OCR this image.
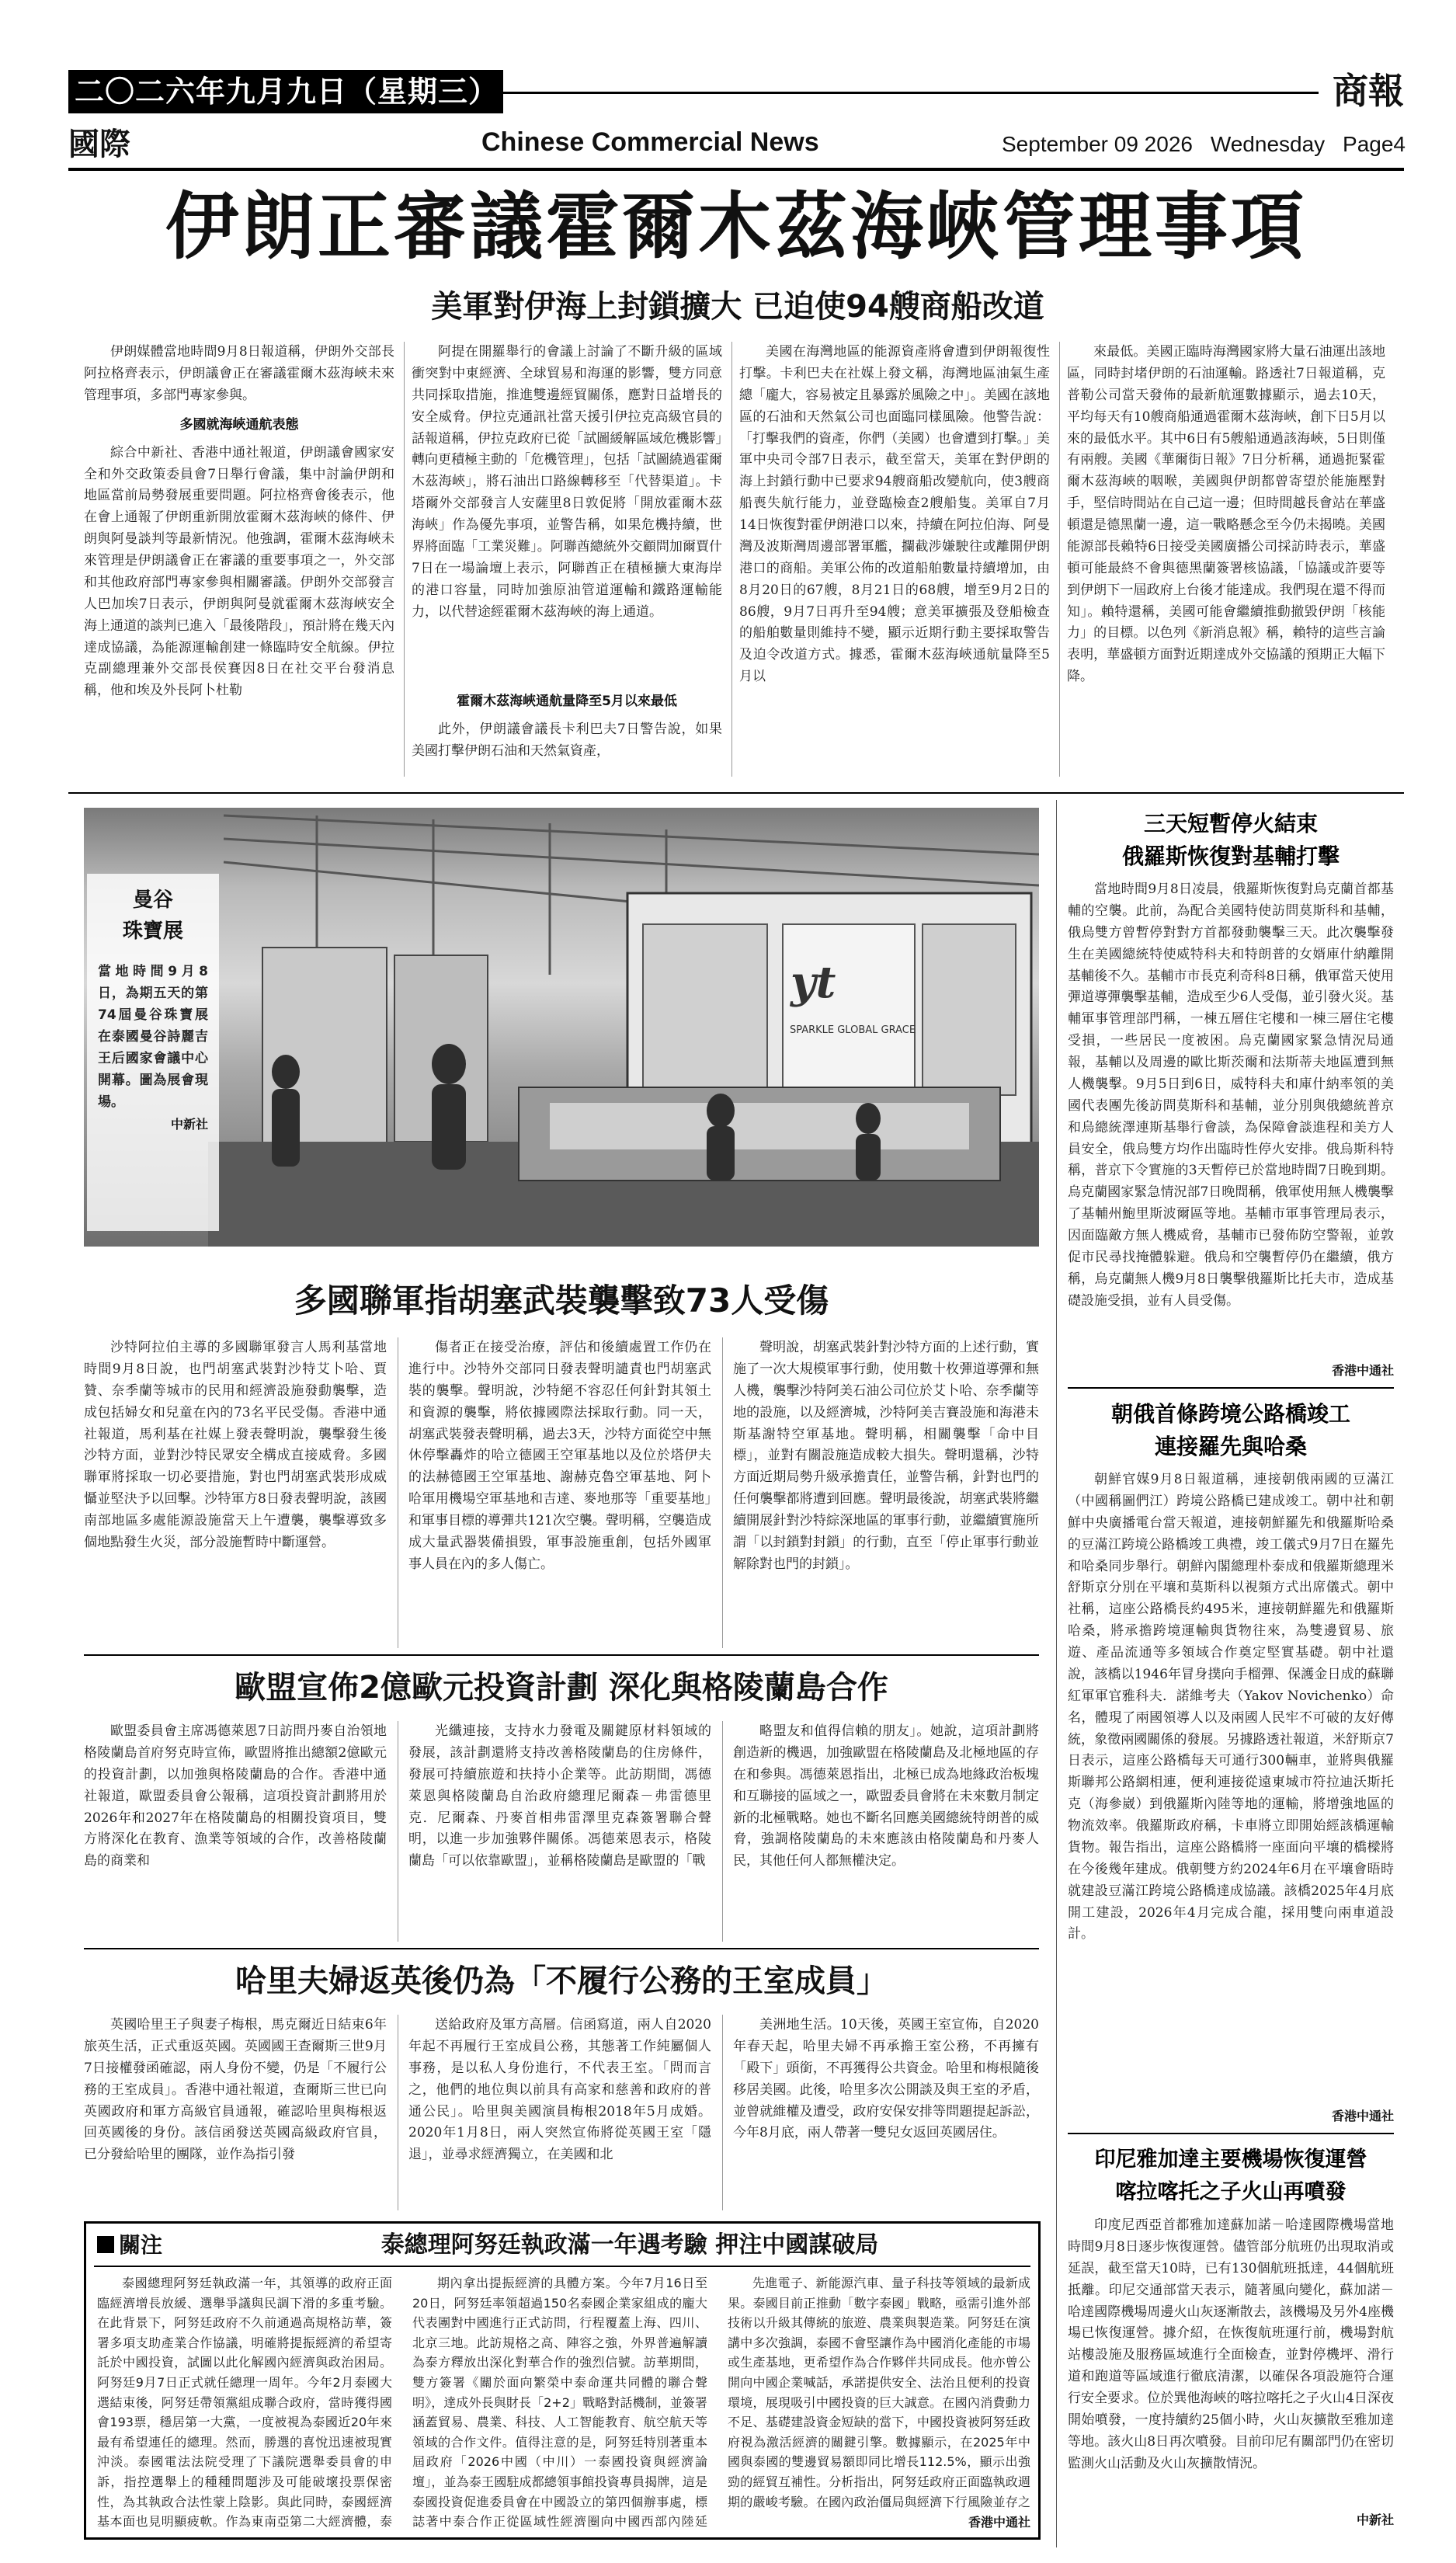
二〇二六年九月九日（星期三）	商報
國際	Chinese Commercial News	September 09 2026 Wednesday Page4
伊朗正審議霍爾木茲海峽管理事項
美軍對伊海上封鎖擴大 已迫使94艘商船改道

伊朗媒體當地時間9月8日報道稱，伊朗外交部長阿拉格齊表示，伊朗議會正在審議霍爾木茲海峽未來管理事項，多部門專家參與。

多國就海峽通航表態

綜合中新社、香港中通社報道，伊朗議會國家安全和外交政策委員會7日舉行會議，集中討論伊朗和地區當前局勢發展重要問題。阿拉格齊會後表示，他在會上通報了伊朗重新開放霍爾木茲海峽的條件、伊朗與阿曼談判等最新情況。他強調，霍爾木茲海峽未來管理是伊朗議會正在審議的重要事項之一，外交部和其他政府部門專家參與相關審議。伊朗外交部發言人巴加埃7日表示，伊朗與阿曼就霍爾木茲海峽安全海上通道的談判已進入「最後階段」，預計將在幾天內達成協議，為能源運輸創建一條臨時安全航線。伊拉克副總理兼外交部長侯賽因8日在社交平台發消息稱，他和埃及外長阿卜杜勒

阿提在開羅舉行的會議上討論了不斷升級的區域衝突對中東經濟、全球貿易和海運的影響，雙方同意共同採取措施，推進雙邊經貿關係，應對日益增長的安全威脅。伊拉克通訊社當天援引伊拉克高級官員的話報道稱，伊拉克政府已從「試圖緩解區域危機影響」轉向更積極主動的「危機管理」，包括「試圖繞過霍爾木茲海峽」，將石油出口路線轉移至「代替渠道」。卡塔爾外交部發言人安薩里8日敦促將「開放霍爾木茲海峽」作為優先事項，並警告稱，如果危機持續，世界將面臨「工業災難」。阿聯酋總統外交顧問加爾賈什7日在一場論壇上表示，阿聯酋正在積極擴大東海岸的港口容量，同時加強原油管道運輸和鐵路運輸能力，以代替途經霍爾木茲海峽的海上通道。

霍爾木茲海峽通航量降至5月以來最低

此外，伊朗議會議長卡利巴夫7日警告說，如果美國打擊伊朗石油和天然氣資產，

美國在海灣地區的能源資產將會遭到伊朗報復性打擊。卡利巴夫在社媒上發文稱，海灣地區油氣生產總「龐大，容易被定且暴露於風險之中」。美國在該地區的石油和天然氣公司也面臨同樣風險。他警告說：「打擊我們的資產，你們（美國）也會遭到打擊。」美軍中央司令部7日表示，截至當天，美軍在對伊朗的海上封鎖行動中已要求94艘商船改變航向，使3艘商船喪失航行能力，並登臨檢查2艘船隻。美軍自7月14日恢復對霍伊朗港口以來，持續在阿拉伯海、阿曼灣及波斯灣周邊部署軍艦，攔截涉嫌駛往或離開伊朗港口的商船。美軍公佈的改道船舶數量持續增加，由8月20日的67艘，8月21日的68艘，增至9月2日的86艘，9月7日再升至94艘；意美軍擴張及登船檢查的船舶數量則維持不變，顯示近期行動主要採取警告及迫令改道方式。據悉，霍爾木茲海峽通航量降至5月以
來最低。美國正臨時海灣國家將大量石油運出該地區，同時封堵伊朗的石油運輸。路透社7日報道稱，克普勒公司當天發佈的最新航運數據顯示，過去10天，平均每天有10艘商船通過霍爾木茲海峽，創下日5月以來的最低水平。其中6日有5艘船通過該海峽，5日則僅有兩艘。美國《華爾街日報》7日分析稱，通過扼緊霍爾木茲海峽的咽喉，美國與伊朗都曾寄望於能施壓對手，堅信時間站在自己這一邊；但時間越長會站在華盛頓還是德黑蘭一邊，這一戰略懸念至今仍未揭曉。美國能源部長賴特6日接受美國廣播公司採訪時表示，華盛頓可能最終不會與德黑蘭簽署核協議，「協議或許要等到伊朗下一屆政府上台後才能達成。我們現在還不得而知」。賴特還稱，美國可能會繼續推動撤毀伊朗「核能力」的目標。以色列《新消息報》稱，賴特的這些言論表明，華盛頓方面對近期達成外交協議的預期正大幅下降。
yt
SPARKLE GLOBAL GRACE
曼谷
珠寶展
當地時間9月8日，為期五天的第74屆曼谷珠寶展在泰國曼谷詩麗吉王后國家會議中心開幕。圖為展會現場。
中新社
多國聯軍指胡塞武裝襲擊致73人受傷
沙特阿拉伯主導的多國聯軍發言人馬利基當地時間9月8日說，也門胡塞武裝對沙特艾卜哈、賈贊、奈季蘭等城市的民用和經濟設施發動襲擊，造成包括婦女和兒童在內的73名平民受傷。香港中通社報道，馬利基在社媒上發表聲明說，襲擊發生後沙特方面，並對沙特民眾安全構成直接威脅。多國聯軍將採取一切必要措施，對也門胡塞武裝形成威懾並堅決予以回擊。沙特軍方8日發表聲明說，該國南部地區多處能源設施當天上午遭襲，襲擊導致多個地點發生火災，部分設施暫時中斷運營。
傷者正在接受治療，評估和後續處置工作仍在進行中。沙特外交部同日發表聲明譴責也門胡塞武裝的襲擊。聲明說，沙特絕不容忍任何針對其領土和資源的襲擊，將依據國際法採取行動。同一天，胡塞武裝發表聲明稱，過去3天，沙特方面從空中無休停擊轟炸的哈立德國王空軍基地以及位於塔伊夫的法赫德國王空軍基地、謝赫克魯空軍基地、阿卜哈軍用機場空軍基地和吉達、麥地那等「重要基地」和軍事目標的導彈共121次空襲。聲明稱，空襲造成成大量武器裝備損毀，軍事設施重創，包括外國軍事人員在內的多人傷亡。
聲明說，胡塞武裝針對沙特方面的上述行動，實施了一次大規模軍事行動，使用數十枚彈道導彈和無人機，襲擊沙特阿美石油公司位於艾卜哈、奈季蘭等地的設施，以及經濟城，沙特阿美吉賽設施和海港未斯基謝特空軍基地。聲明稱，相關襲擊「命中目標」，並對有關設施造成較大損失。聲明還稱，沙特方面近期局勢升級承擔責任，並警告稱，針對也門的任何襲擊都將遭到回應。聲明最後說，胡塞武裝將繼續開展針對沙特綜深地區的軍事行動，並繼續實施所謂「以封鎖對封鎖」的行動，直至「停止軍事行動並解除對也門的封鎖」。
歐盟宣佈2億歐元投資計劃 深化與格陵蘭島合作
歐盟委員會主席馮德萊恩7日訪問丹麥自治領地格陵蘭島首府努克時宣佈，歐盟將推出總額2億歐元的投資計劃，以加強與格陵蘭島的合作。香港中通社報道，歐盟委員會公報稱，這項投資計劃將用於2026年和2027年在格陵蘭島的相關投資項目，雙方將深化在教育、漁業等領域的合作，改善格陵蘭島的商業和
光纖連接，支持水力發電及關鍵原材料領域的發展，該計劃還將支持改善格陵蘭島的住房條件，發展可持續旅遊和扶持小企業等。此訪期間，馮德萊恩與格陵蘭島自治政府總理尼爾森－弗雷德里克．尼爾森、丹麥首相弗雷澤里克森簽署聯合聲明，以進一步加強夥伴關係。馮德萊恩表示，格陵蘭島「可以依靠歐盟」，並稱格陵蘭島是歐盟的「戰
略盟友和值得信賴的朋友」。她說，這項計劃將創造新的機遇，加強歐盟在格陵蘭島及北極地區的存在和參與。馮德萊恩指出，北極已成為地緣政治板塊和互聯接的區域之一，歐盟委員會將在未來數月制定新的北極戰略。她也不斷名回應美國總統特朗普的威脅，強調格陵蘭島的未來應該由格陵蘭島和丹麥人民，其他任何人都無權決定。
哈里夫婦返英後仍為「不履行公務的王室成員」
英國哈里王子與妻子梅根，馬克爾近日結束6年旅英生活，正式重返英國。英國國王查爾斯三世9月7日接權發函確認，兩人身份不變，仍是「不履行公務的王室成員」。香港中通社報道，查爾斯三世已向英國政府和軍方高級官員通報，確認哈里與梅根返回英國後的身份。該信函發送英國高級政府官員，已分發給哈里的團隊，並作為指引發
送給政府及軍方高層。信函寫道，兩人自2020年起不再履行王室成員公務，其態著工作純屬個人事務，是以私人身份進行，不代表王室。「問而言之，他們的地位與以前具有高家和慈善和政府的普通公民」。哈里與美國演員梅根2018年5月成婚。2020年1月8日，兩人突然宣佈將從英國王室「隱退」，並尋求經濟獨立，在美國和北
美洲地生活。10天後，英國王室宣佈，自2020年春天起，哈里夫婦不再承擔王室公務，不再擁有「殿下」頭銜，不再獲得公共資金。哈里和梅根隨後移居美國。此後，哈里多次公開談及與王室的矛盾，並曾就維權及遭受，政府安保安排等問題提起訴訟，今年8月底，兩人帶著一雙兒女返回英國居住。
關注	泰總理阿努廷執政滿一年遇考驗 押注中國謀破局
泰國總理阿努廷執政滿一年，其領導的政府正面臨經濟增長放緩、選舉爭議與民調下滑的多重考驗。在此背景下，阿努廷政府不久前通過高規格訪華，簽署多項支助產業合作協議，明確將提振經濟的希望寄託於中國投資，試圖以此化解國內經濟與政治困局。阿努廷9月7日正式就任總理一周年。今年2月泰國大選結束後，阿努廷帶領黨組成聯合政府，當時獲得國會193票，穩居第一大黨，一度被視為泰國近20年來最有希望連任的總理。然而，勝選的喜悅迅速被現實沖淡。泰國電法法院受理了下議院選舉委員會的申訴，指控選舉上的種種問題涉及可能破壞投票保密性，為其執政合法性蒙上陰影。與此同時，泰國經濟基本面也見明顯疲軟。作為東南亞第二大經濟體，泰
期內拿出提振經濟的具體方案。今年7月16日至20日，阿努廷率領超過150名泰國企業家組成的龐大代表團對中國進行正式訪問，行程覆蓋上海、四川、北京三地。此訪規格之高、陣容之強，外界普遍解讀為泰方釋放出深化對華合作的強烈信號。訪華期間，雙方簽署《關於面向繁榮中泰命運共同體的聯合聲明》，達成外長與財長「2+2」戰略對話機制，並簽署涵蓋貿易、農業、科技、人工智能教育、航空航天等領域的合作文件。值得注意的是，阿努廷特別著重本屆政府「2026中國（中川）一泰國投資與經濟論壇」，並為泰王國駐成都總領事館投資專員揭牌，這是泰國投資促進委員會在中國設立的第四個辦事處，標誌著中泰合作正從區域性經濟圈向中國西部內陸延
先進電子、新能源汽車、量子科技等領域的最新成果。泰國目前正推動「數字泰國」戰略，亟需引進外部技術以升級其傳統的旅遊、農業與製造業。阿努廷在演講中多次強調，泰國不會堅讓作為中國消化產能的市場或生產基地，更希望作為合作夥伴共同成長。他亦曾公開向中國企業喊話，承諾提供安全、法治且便利的投資環境，展現吸引中國投資的巨大誠意。在國內消費動力不足、基礎建設資金短缺的當下，中國投資被阿努廷政府視為激活經濟的關鍵引擎。數據顯示，在2025年中國與泰國的雙邊貿易額即同比增長112.5%，顯示出強勁的經貿互補性。分析指出，阿努廷政府正面臨執政週期的嚴峻考驗。在國內政治僵局與經濟下行風險並存之
香港中通社
三天短暫停火結束
俄羅斯恢復對基輔打擊

當地時間9月8日凌晨，俄羅斯恢復對烏克蘭首都基輔的空襲。此前，為配合美國特使訪問莫斯科和基輔，俄烏雙方曾暫停對對方首都發動襲擊三天。此次襲擊發生在美國總統特使威特科夫和特朗普的女婿庫什納離開基輔後不久。基輔市市長克利奇科8日稱，俄軍當天使用彈道導彈襲擊基輔，造成至少6人受傷，並引發火災。基輔軍事管理部門稱，一棟五層住宅樓和一棟三層住宅樓受損，一些居民一度被困。烏克蘭國家緊急情況局通報，基輔以及周邊的歐比斯茨爾和法斯蒂夫地區遭到無人機襲擊。9月5日到6日，威特科夫和庫什納率領的美國代表團先後訪問莫斯科和基輔，並分別與俄總統普京和烏總統澤連斯基舉行會談，為保障會談進程和美方人員安全，俄烏雙方均作出臨時性停火安排。俄烏斯科特稱，普京下令實施的3天暫停已於當地時間7日晚到期。烏克蘭國家緊急情況部7日晚間稱，俄軍使用無人機襲擊了基輔州鮑里斯波爾區等地。基輔市軍事管理局表示，因面臨敵方無人機威脅，基輔市已發佈防空警報，並敦促市民尋找掩體躲避。俄烏和空襲暫停仍在繼續，俄方稱，烏克蘭無人機9月8日襲擊俄羅斯比托夫市，造成基礎設施受損，並有人員受傷。

香港中通社
朝俄首條跨境公路橋竣工
連接羅先與哈桑

朝鮮官媒9月8日報道稱，連接朝俄兩國的豆滿江（中國稱圖們江）跨境公路橋已建成竣工。朝中社和朝鮮中央廣播電台當天報道，連接朝鮮羅先和俄羅斯哈桑的豆滿江跨境公路橋竣工典禮，竣工儀式9月7日在羅先和哈桑同步舉行。朝鮮內閣總理朴泰成和俄羅斯總理米舒斯京分別在平壤和莫斯科以視頻方式出席儀式。朝中社稱，這座公路橋長約495米，連接朝鮮羅先和俄羅斯哈桑，將承擔跨境運輸與貨物往來，為雙邊貿易、旅遊、產品流通等多領域合作奠定堅實基礎。朝中社還說，該橋以1946年冒身撲向手榴彈、保護金日成的蘇聯紅軍軍官雅科夫．諾維考夫（Yakov Novichenko）命名，體現了兩國領導人以及兩國人民牢不可破的友好傳統，象徵兩國關係的發展。另據路透社報道，米舒斯京7日表示，這座公路橋每天可通行300輛車，並將與俄羅斯聯邦公路網相連，便利連接從遠東城市符拉迪沃斯托克（海參崴）到俄羅斯內陸等地的運輸，將增強地區的物流效率。俄羅斯政府稱，卡車將立即開始經該橋運輸貨物。報告指出，這座公路橋將一座面向平壤的橋樑將在今後幾年建成。俄朝雙方約2024年6月在平壤會晤時就建設豆滿江跨境公路橋達成協議。該橋2025年4月底開工建設，2026年4月完成合龍，採用雙向兩車道設計。

香港中通社
印尼雅加達主要機場恢復運營
喀拉喀托之子火山再噴發

印度尼西亞首都雅加達蘇加諾－哈達國際機場當地時間9月8日逐步恢復運營。儘管部分航班仍出現取消或延誤，截至當天10時，已有130個航班抵達，44個航班抵離。印尼交通部當天表示，隨著風向變化，蘇加諾－哈達國際機場周邊火山灰逐漸散去，該機場及另外4座機場已恢復運營。據介紹，在恢復航班運行前，機場對航站樓設施及服務區域進行全面檢查，並對停機坪、滑行道和跑道等區域進行徹底清潔，以確保各項設施符合運行安全要求。位於巽他海峽的喀拉喀托之子火山4日深夜開始噴發，一度持續約25個小時，火山灰擴散至雅加達等地。該火山8日再次噴發。目前印尼有關部門仍在密切監測火山活動及火山灰擴散情況。

中新社
